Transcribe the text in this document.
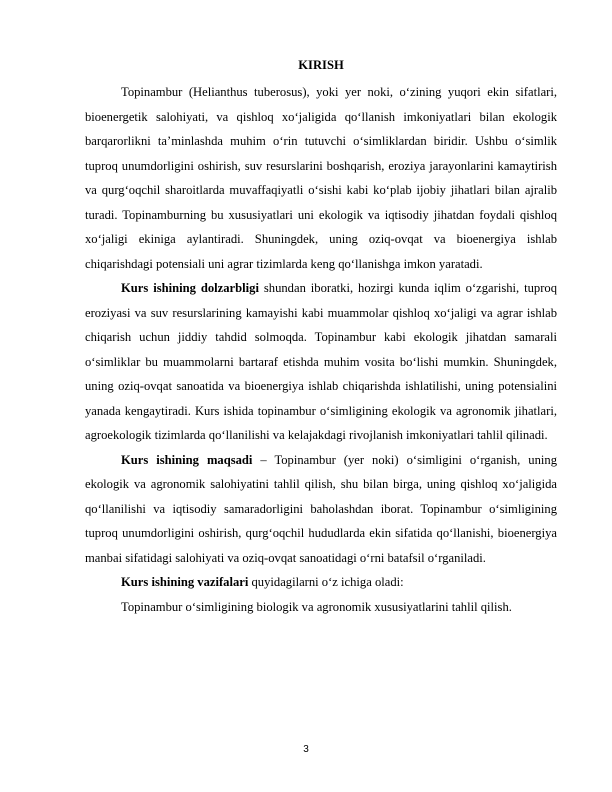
KIRISH

Topinambur (Helianthus tuberosus), yoki yer noki, o‘zining yuqori ekin sifatlari, bioenergetik salohiyati, va qishloq xo‘jaligida qo‘llanish imkoniyatlari bilan ekologik barqarorlikni ta’minlashda muhim o‘rin tutuvchi o‘simliklardan biridir. Ushbu o‘simlik tuproq unumdorligini oshirish, suv resurslarini boshqarish, eroziya jarayonlarini kamaytirish va qurg‘oqchil sharoitlarda muvaffaqiyatli o‘sishi kabi ko‘plab ijobiy jihatlari bilan ajralib turadi. Topinamburning bu xususiyatlari uni ekologik va iqtisodiy jihatdan foydali qishloq xo‘jaligi ekiniga aylantiradi. Shuningdek, uning oziq-ovqat va bioenergiya ishlab chiqarishdagi potensiali uni agrar tizimlarda keng qo‘llanishga imkon yaratadi.

Kurs ishining dolzarbligi shundan iboratki, hozirgi kunda iqlim o‘zgarishi, tuproq eroziyasi va suv resurslarining kamayishi kabi muammolar qishloq xo‘jaligi va agrar ishlab chiqarish uchun jiddiy tahdid solmoqda. Topinambur kabi ekologik jihatdan samarali o‘simliklar bu muammolarni bartaraf etishda muhim vosita bo‘lishi mumkin. Shuningdek, uning oziq-ovqat sanoatida va bioenergiya ishlab chiqarishda ishlatilishi, uning potensialini yanada kengaytiradi. Kurs ishida topinambur o‘simligining ekologik va agronomik jihatlari, agroekologik tizimlarda qo‘llanilishi va kelajakdagi rivojlanish imkoniyatlari tahlil qilinadi.

Kurs ishining maqsadi – Topinambur (yer noki) o‘simligini o‘rganish, uning ekologik va agronomik salohiyatini tahlil qilish, shu bilan birga, uning qishloq xo‘jaligida qo‘llanilishi va iqtisodiy samaradorligini baholashdan iborat. Topinambur o‘simligining tuproq unumdorligini oshirish, qurg‘oqchil hududlarda ekin sifatida qo‘llanishi, bioenergiya manbai sifatidagi salohiyati va oziq-ovqat sanoatidagi o‘rni batafsil o‘rganiladi.

Kurs ishining vazifalari quyidagilarni o‘z ichiga oladi:

Topinambur o‘simligining biologik va agronomik xususiyatlarini tahlil qilish.

3
